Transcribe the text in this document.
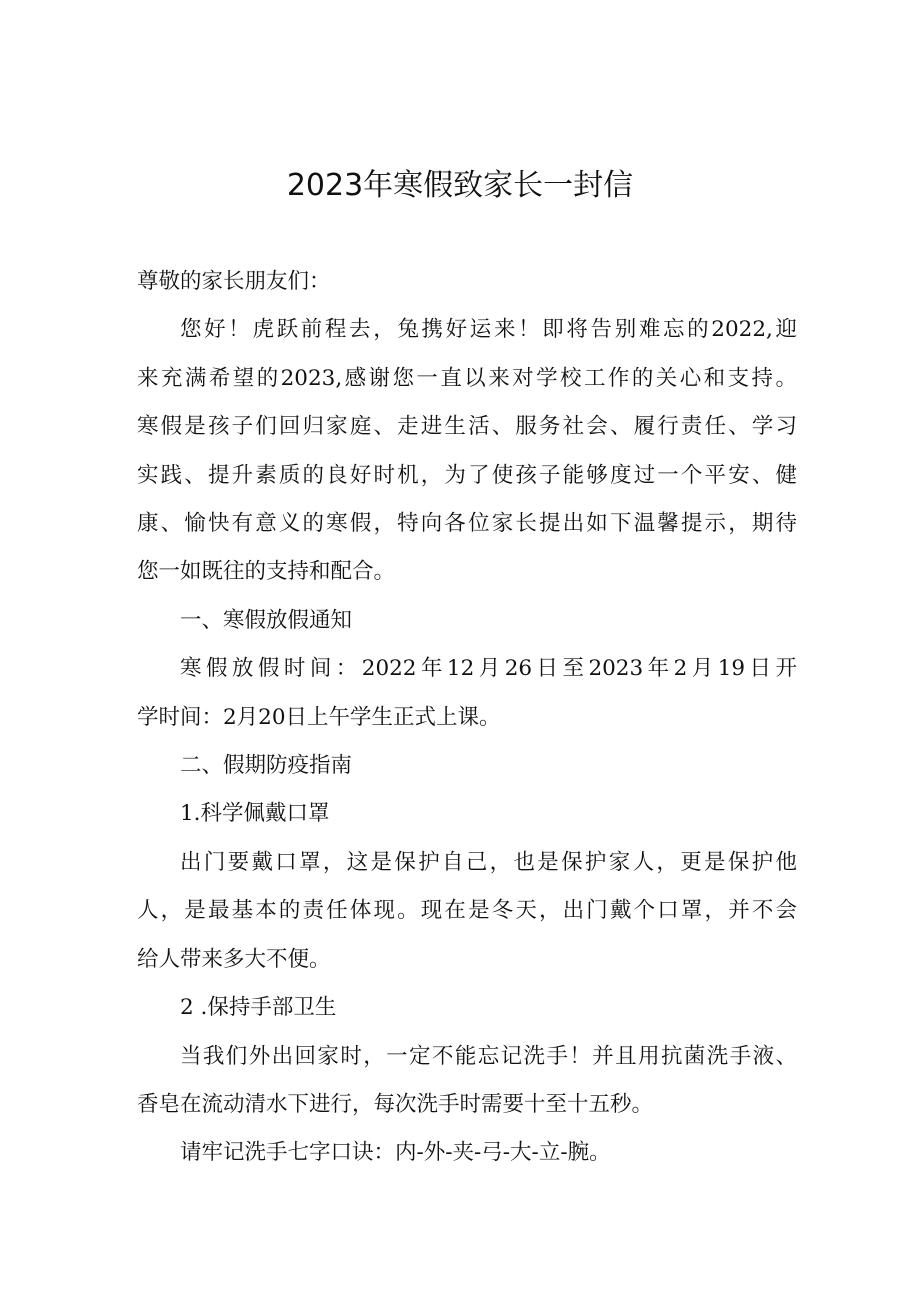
2023年寒假致家长一封信

尊敬的家长朋友们：

您好！虎跃前程去，兔携好运来！即将告别难忘的2022,迎
来充满希望的2023,感谢您一直以来对学校工作的关心和支持。
寒假是孩子们回归家庭、走进生活、服务社会、履行责任、学习
实践、提升素质的良好时机，为了使孩子能够度过一个平安、健
康、愉快有意义的寒假，特向各位家长提出如下温馨提示，期待
您一如既往的支持和配合。

一、寒假放假通知

寒假放假时间：2022年12月26日至2023年2月19日开
学时间：2月20日上午学生正式上课。

二、假期防疫指南

1.科学佩戴口罩

出门要戴口罩，这是保护自己，也是保护家人，更是保护他
人，是最基本的责任体现。现在是冬天，出门戴个口罩，并不会
给人带来多大不便。

2 .保持手部卫生

当我们外出回家时，一定不能忘记洗手！并且用抗菌洗手液、
香皂在流动清水下进行，每次洗手时需要十至十五秒。

请牢记洗手七字口诀：内-外-夹-弓-大-立-腕。
